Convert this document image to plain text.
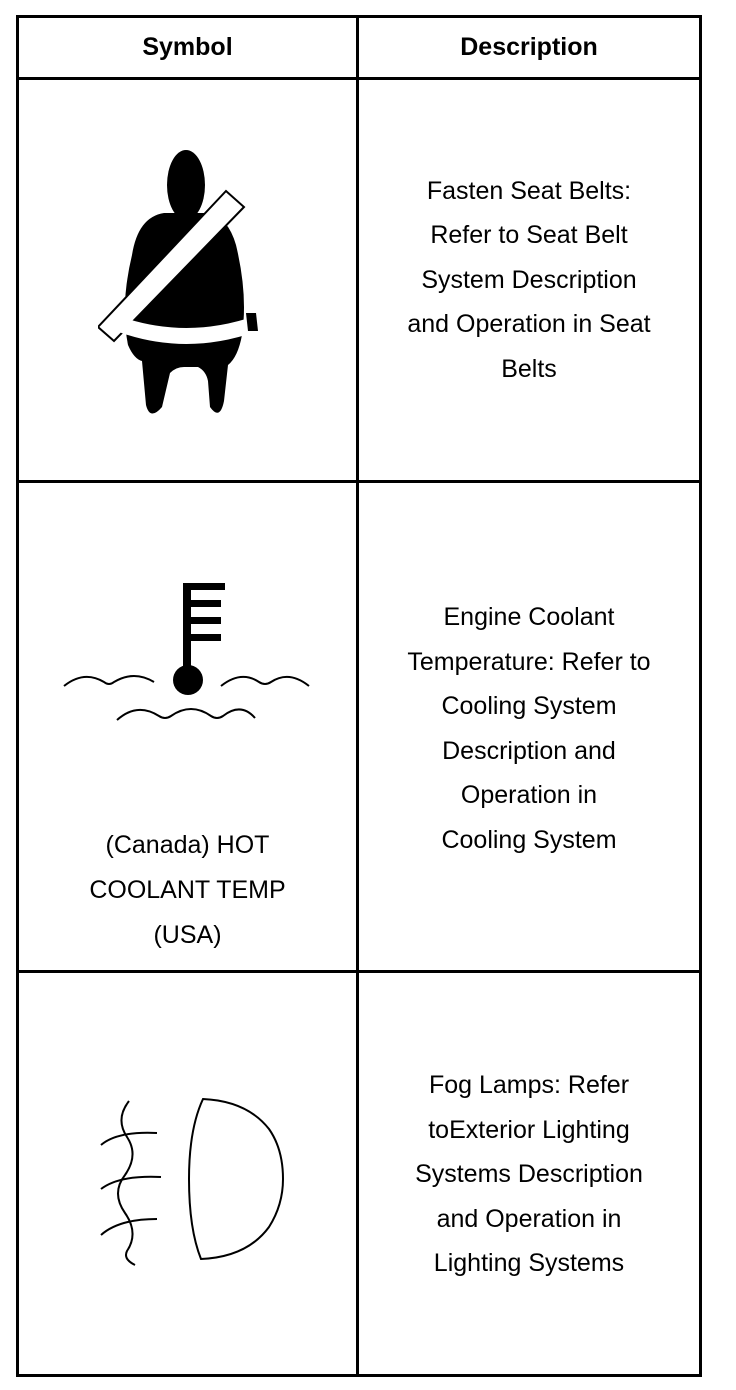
Symbol	Description
Fasten Seat Belts:
Refer to Seat Belt
System Description
and Operation in Seat
Belts
(Canada) HOT
COOLANT TEMP
(USA)
Engine Coolant
Temperature: Refer to
Cooling System
Description and
Operation in
Cooling System
Fog Lamps: Refer
toExterior Lighting
Systems Description
and Operation in
Lighting Systems
